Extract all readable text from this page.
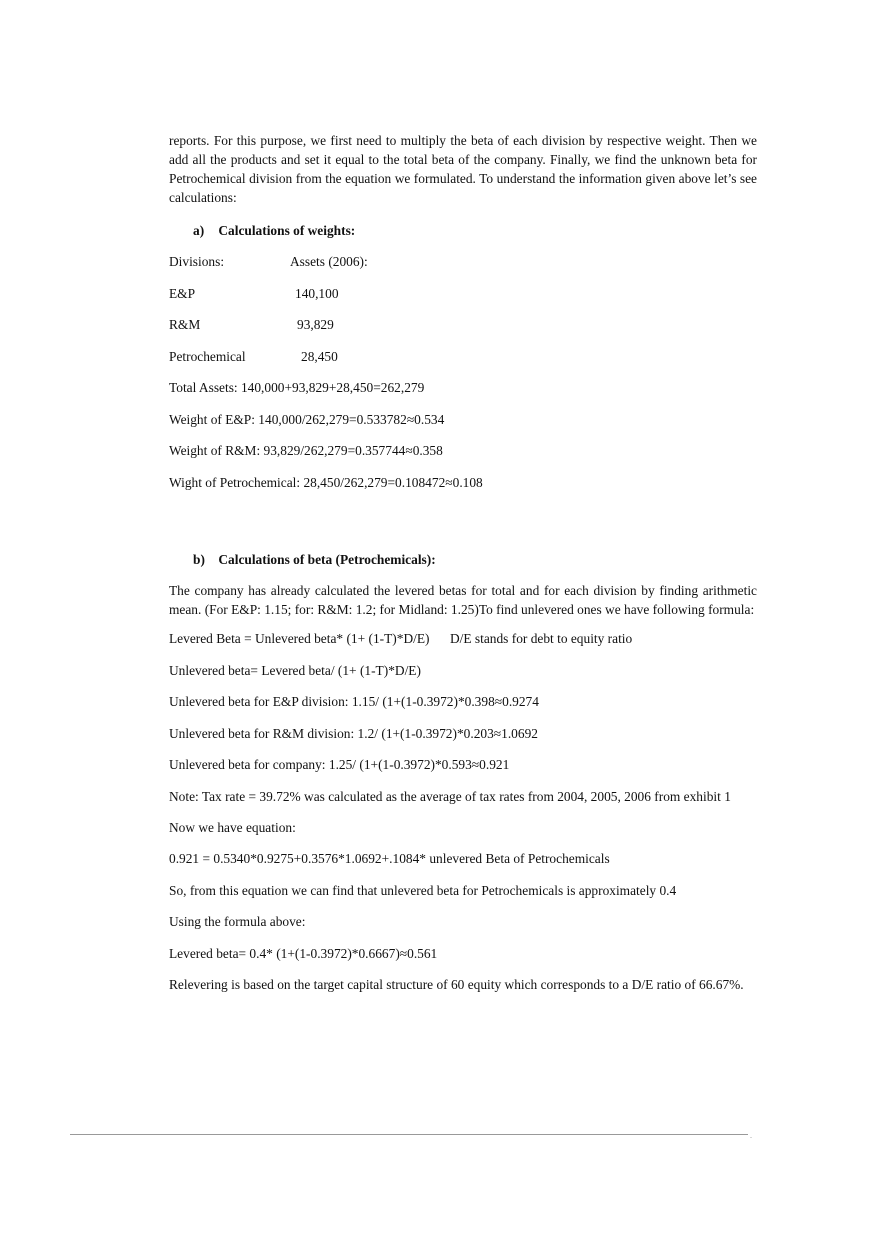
reports. For this purpose, we first need to multiply the beta of each division by respective weight. Then we add all the products and set it equal to the total beta of the company. Finally, we find the unknown beta for Petrochemical division from the equation we formulated. To understand the information given above let’s see calculations:

a) Calculations of weights:
Divisions:	Assets (2006):
E&P	140,100
R&M	93,829
Petrochemical	28,450
Total Assets: 140,000+93,829+28,450=262,279
Weight of E&P: 140,000/262,279=0.533782≈0.534
Weight of R&M: 93,829/262,279=0.357744≈0.358
Wight of Petrochemical: 28,450/262,279=0.108472≈0.108
b) Calculations of beta (Petrochemicals):

The company has already calculated the levered betas for total and for each division by finding arithmetic mean. (For E&P: 1.15; for: R&M: 1.2; for Midland: 1.25)To find unlevered ones we have following formula:

Levered Beta = Unlevered beta* (1+ (1-T)*D/E) D/E stands for debt to equity ratio
Unlevered beta= Levered beta/ (1+ (1-T)*D/E)
Unlevered beta for E&P division: 1.15/ (1+(1-0.3972)*0.398≈0.9274
Unlevered beta for R&M division: 1.2/ (1+(1-0.3972)*0.203≈1.0692
Unlevered beta for company: 1.25/ (1+(1-0.3972)*0.593≈0.921

Note: Tax rate = 39.72% was calculated as the average of tax rates from 2004, 2005, 2006 from exhibit 1

Now we have equation:
0.921 = 0.5340*0.9275+0.3576*1.0692+.1084* unlevered Beta of Petrochemicals
So, from this equation we can find that unlevered beta for Petrochemicals is approximately 0.4
Using the formula above:
Levered beta= 0.4* (1+(1-0.3972)*0.6667)≈0.561

Relevering is based on the target capital structure of 60 equity which corresponds to a D/E ratio of 66.67%.

.
